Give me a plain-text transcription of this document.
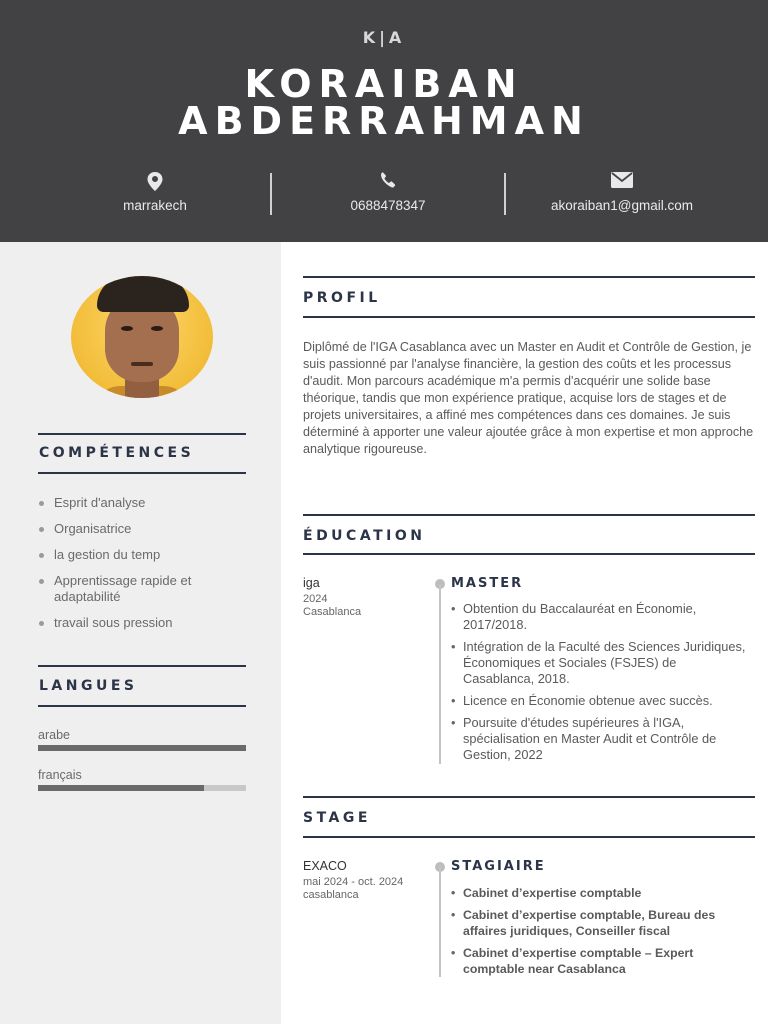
K|A
KORAIBAN
ABDERRAHMAN
marrakech	0688478347	akoraiban1@gmail.com
COMPÉTENCES
Esprit d'analyse
Organisatrice
la gestion du temp
Apprentissage rapide et adaptabilité
travail sous pression
LANGUES
arabe
français
PROFIL

Diplômé de l'IGA Casablanca avec un Master en Audit et Contrôle de Gestion, je suis passionné par l'analyse financière, la gestion des coûts et les processus d'audit. Mon parcours académique m'a permis d'acquérir une solide base théorique, tandis que mon expérience pratique, acquise lors de stages et de projets universitaires, a affiné mes compétences dans ces domaines. Je suis déterminé à apporter une valeur ajoutée grâce à mon expertise et mon approche analytique rigoureuse.

ÉDUCATION
iga
2024
Casablanca
MASTER
• Obtention du Baccalauréat en Économie, 2017/2018.
• Intégration de la Faculté des Sciences Juridiques, Économiques et Sociales (FSJES) de Casablanca, 2018.
• Licence en Économie obtenue avec succès.
• Poursuite d'études supérieures à l'IGA, spécialisation en Master Audit et Contrôle de Gestion, 2022
STAGE
EXACO
mai 2024 - oct. 2024
casablanca
STAGIAIRE
• Cabinet d’expertise comptable
• Cabinet d’expertise comptable, Bureau des affaires juridiques, Conseiller fiscal
• Cabinet d’expertise comptable – Expert comptable near Casablanca
